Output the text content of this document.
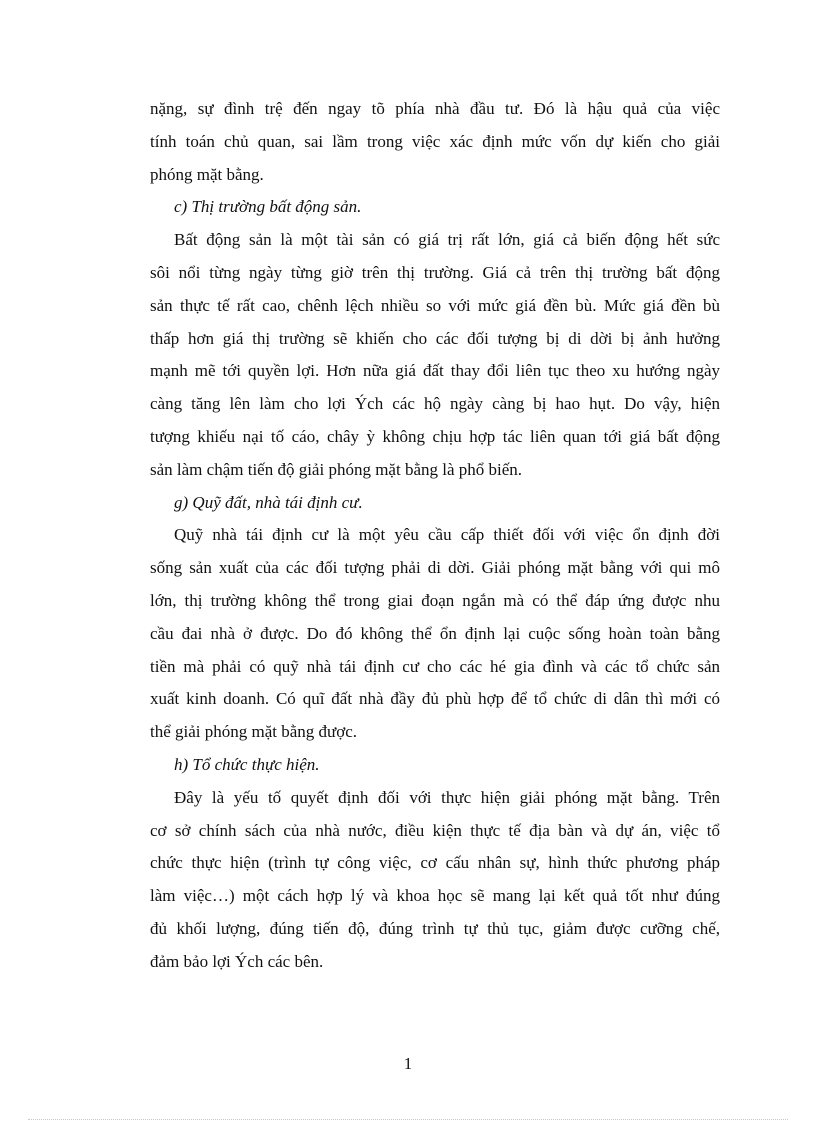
nặng, sự đình trệ đến ngay tõ phía nhà đầu tư. Đó là hậu quả của việc
tính toán chủ quan, sai lầm trong việc xác định mức vốn dự kiến cho giải
phóng mặt bằng.
c) Thị trường bất động sản.
Bất động sản là một tài sản có giá trị rất lớn, giá cả biến động hết sức
sôi nổi từng ngày từng giờ trên thị trường. Giá cả trên thị trường bất động
sản thực tế rất cao, chênh lệch nhiều so với mức giá đền bù. Mức giá đền bù
thấp hơn giá thị trường sẽ khiến cho các đối tượng bị di dời bị ảnh hưởng
mạnh mẽ tới quyền lợi. Hơn nữa giá đất thay đổi liên tục theo xu hướng ngày
càng tăng lên làm cho lợi Ých các hộ ngày càng bị hao hụt. Do vậy, hiện
tượng khiếu nại tố cáo, chây ỳ không chịu hợp tác liên quan tới giá bất động
sản làm chậm tiến độ giải phóng mặt bằng là phổ biến.
g) Quỹ đất, nhà tái định cư.
Quỹ nhà tái định cư là một yêu cầu cấp thiết đối với việc ổn định đời
sống sản xuất của các đối tượng phải di dời. Giải phóng mặt bằng với qui mô
lớn, thị trường không thể trong giai đoạn ngắn mà có thể đáp ứng được nhu
cầu đai nhà ở được. Do đó không thể ổn định lại cuộc sống hoàn toàn bằng
tiền mà phải có quỹ nhà tái định cư cho các hé gia đình và các tổ chức sản
xuất kinh doanh. Có quĩ đất nhà đầy đủ phù hợp để tổ chức di dân thì mới có
thể giải phóng mặt bằng được.
h) Tổ chức thực hiện.
Đây là yếu tố quyết định đối với thực hiện giải phóng mặt bằng. Trên
cơ sở chính sách của nhà nước, điều kiện thực tế địa bàn và dự án, việc tổ
chức thực hiện (trình tự công việc, cơ cấu nhân sự, hình thức phương pháp
làm việc…) một cách hợp lý và khoa học sẽ mang lại kết quả tốt như đúng
đủ khối lượng, đúng tiến độ, đúng trình tự thủ tục, giảm được cưỡng chế,
đảm bảo lợi Ých các bên.
1
